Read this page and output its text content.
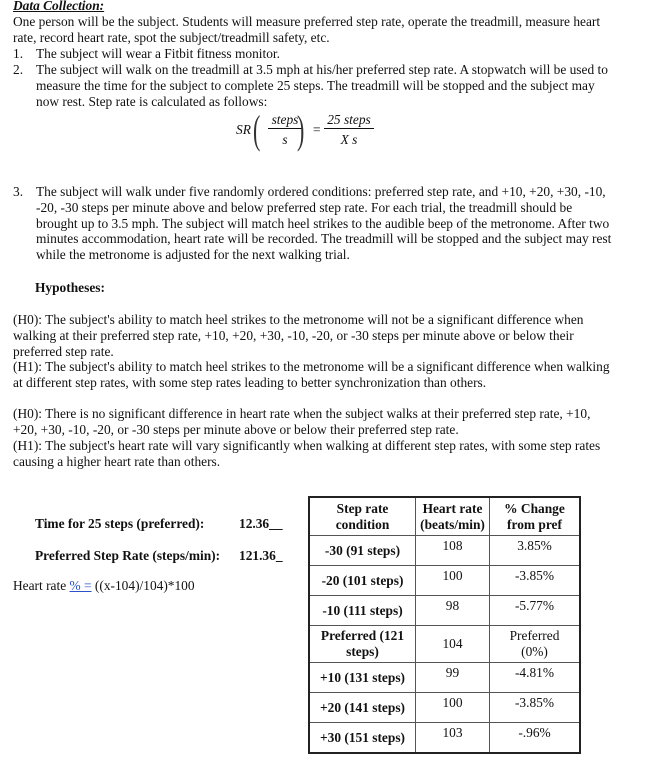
Data Collection:
One person will be the subject. Students will measure preferred step rate, operate the treadmill, measure heart rate, record heart rate, spot the subject/treadmill safety, etc.
1. The subject will wear a Fitbit fitness monitor.
2. The subject will walk on the treadmill at 3.5 mph at his/her preferred step rate. A stopwatch will be used to measure the time for the subject to complete 25 steps. The treadmill will be stopped and the subject may now rest. Step rate is calculated as follows:
SR ( steps
s ) =
25 steps
X s
3. The subject will walk under five randomly ordered conditions: preferred step rate, and +10, +20, +30, -10, -20, -30 steps per minute above and below preferred step rate. For each trial, the treadmill should be brought up to 3.5 mph. The subject will match heel strikes to the audible beep of the metronome. After two minutes accommodation, heart rate will be recorded. The treadmill will be stopped and the subject may rest while the metronome is adjusted for the next walking trial.
Hypotheses:
(H0): The subject's ability to match heel strikes to the metronome will not be a significant difference when walking at their preferred step rate, +10, +20, +30, -10, -20, or -30 steps per minute above or below their preferred step rate.
(H1): The subject's ability to match heel strikes to the metronome will be a significant difference when walking at different step rates, with some step rates leading to better synchronization than others.
(H0): There is no significant difference in heart rate when the subject walks at their preferred step rate, +10, +20, +30, -10, -20, or -30 steps per minute above or below their preferred step rate.
(H1): The subject's heart rate will vary significantly when walking at different step rates, with some step rates causing a higher heart rate than others.
Time for 25 steps (preferred):	12.36__
Preferred Step Rate (steps/min): 121.36_
Heart rate % = ((x-104)/104)*100
Step rate condition	Heart rate (beats/min)	% Change from pref

-30 (91 steps)	108	3.85%
-20 (101 steps)	100	-3.85%
-10 (111 steps)	98	-5.77%

Preferred (121 steps)	104	Preferred (0%)

+10 (131 steps)	99	-4.81%
+20 (141 steps)	100	-3.85%
+30 (151 steps)	103	-.96%
